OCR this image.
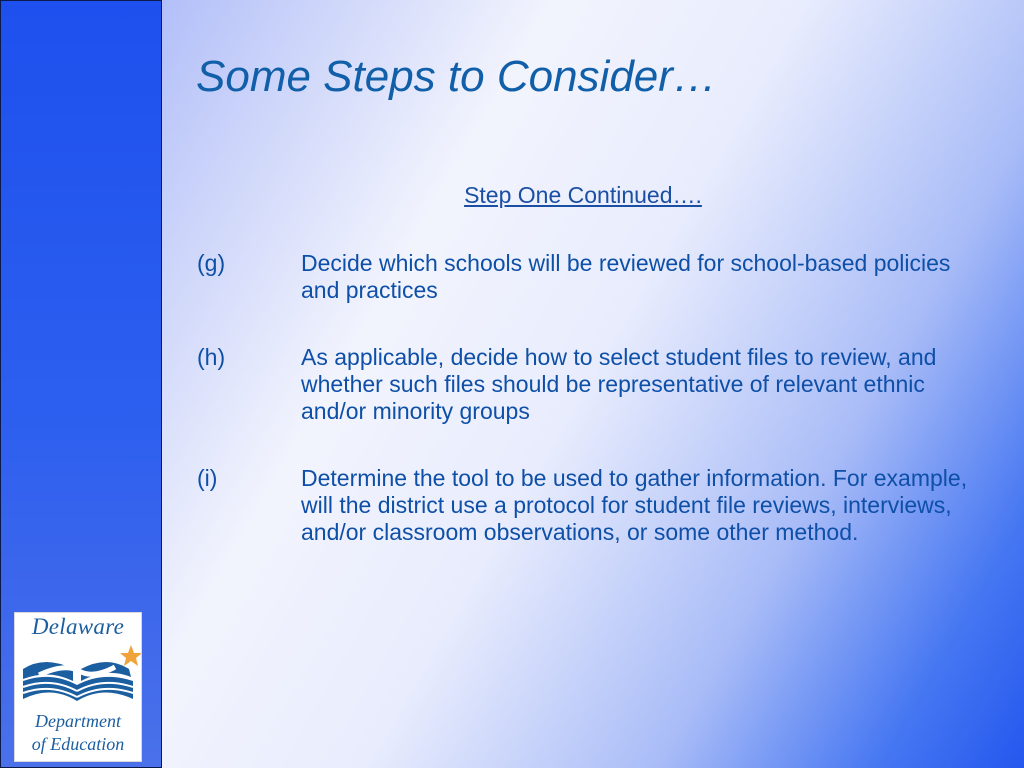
Delaware
Department
of Education
Some Steps to Consider…

Step One Continued….

(g)	Decide which schools will be reviewed for school-based policies and practices
(h)	As applicable, decide how to select student files to review, and whether such files should be representative of relevant ethnic and/or minority groups
(i)	Determine the tool to be used to gather information. For example, will the district use a protocol for student file reviews, interviews, and/or classroom observations, or some other method.
